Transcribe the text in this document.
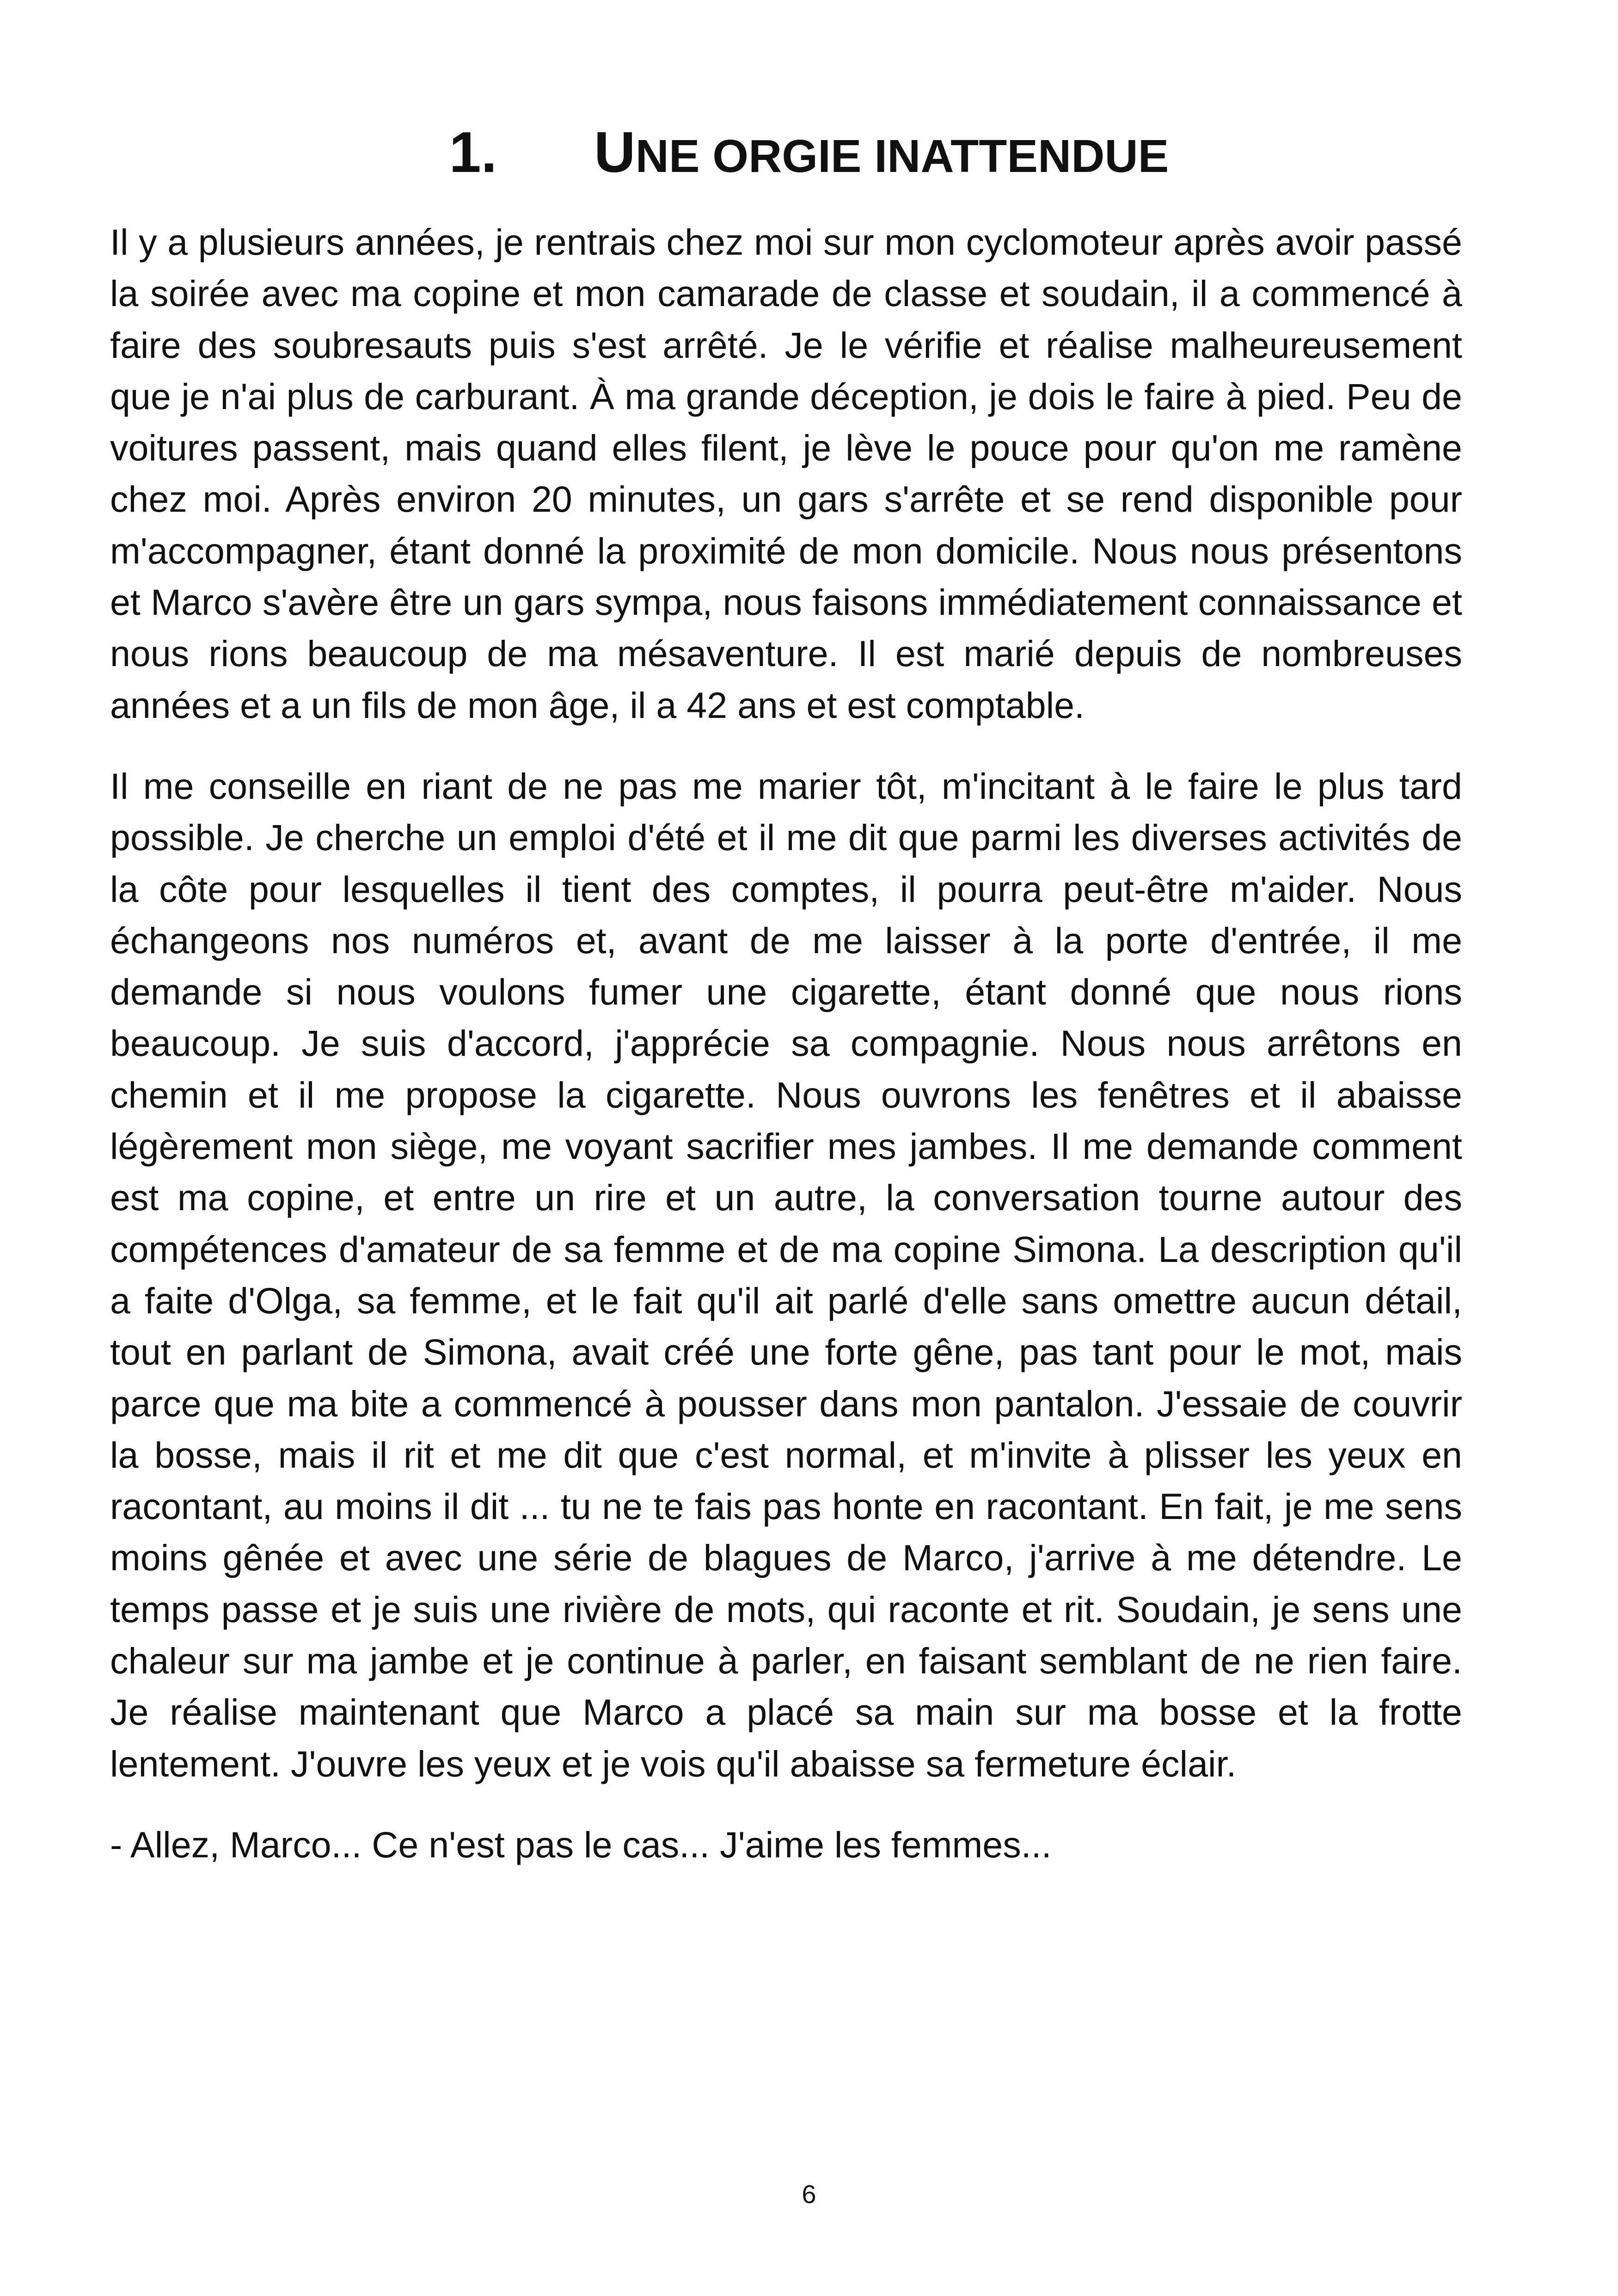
1. UNE ORGIE INATTENDUE

Il y a plusieurs années, je rentrais chez moi sur mon cyclomoteur après avoir passé la soirée avec ma copine et mon camarade de classe et soudain, il a commencé à faire des soubresauts puis s'est arrêté. Je le vérifie et réalise malheureusement que je n'ai plus de carburant. À ma grande déception, je dois le faire à pied. Peu de voitures passent, mais quand elles filent, je lève le pouce pour qu'on me ramène chez moi. Après environ 20 minutes, un gars s'arrête et se rend disponible pour m'accompagner, étant donné la proximité de mon domicile. Nous nous présentons et Marco s'avère être un gars sympa, nous faisons immédiatement connaissance et nous rions beaucoup de ma mésaventure. Il est marié depuis de nombreuses années et a un fils de mon âge, il a 42 ans et est comptable.

Il me conseille en riant de ne pas me marier tôt, m'incitant à le faire le plus tard possible. Je cherche un emploi d'été et il me dit que parmi les diverses activités de la côte pour lesquelles il tient des comptes, il pourra peut-être m'aider. Nous échangeons nos numéros et, avant de me laisser à la porte d'entrée, il me demande si nous voulons fumer une cigarette, étant donné que nous rions beaucoup. Je suis d'accord, j'apprécie sa compagnie. Nous nous arrêtons en chemin et il me propose la cigarette. Nous ouvrons les fenêtres et il abaisse légèrement mon siège, me voyant sacrifier mes jambes. Il me demande comment est ma copine, et entre un rire et un autre, la conversation tourne autour des compétences d'amateur de sa femme et de ma copine Simona. La description qu'il a faite d'Olga, sa femme, et le fait qu'il ait parlé d'elle sans omettre aucun détail, tout en parlant de Simona, avait créé une forte gêne, pas tant pour le mot, mais parce que ma bite a commencé à pousser dans mon pantalon. J'essaie de couvrir la bosse, mais il rit et me dit que c'est normal, et m'invite à plisser les yeux en racontant, au moins il dit ... tu ne te fais pas honte en racontant. En fait, je me sens moins gênée et avec une série de blagues de Marco, j'arrive à me détendre. Le temps passe et je suis une rivière de mots, qui raconte et rit. Soudain, je sens une chaleur sur ma jambe et je continue à parler, en faisant semblant de ne rien faire. Je réalise maintenant que Marco a placé sa main sur ma bosse et la frotte lentement. J'ouvre les yeux et je vois qu'il abaisse sa fermeture éclair.

- Allez, Marco... Ce n'est pas le cas... J'aime les femmes...

6
